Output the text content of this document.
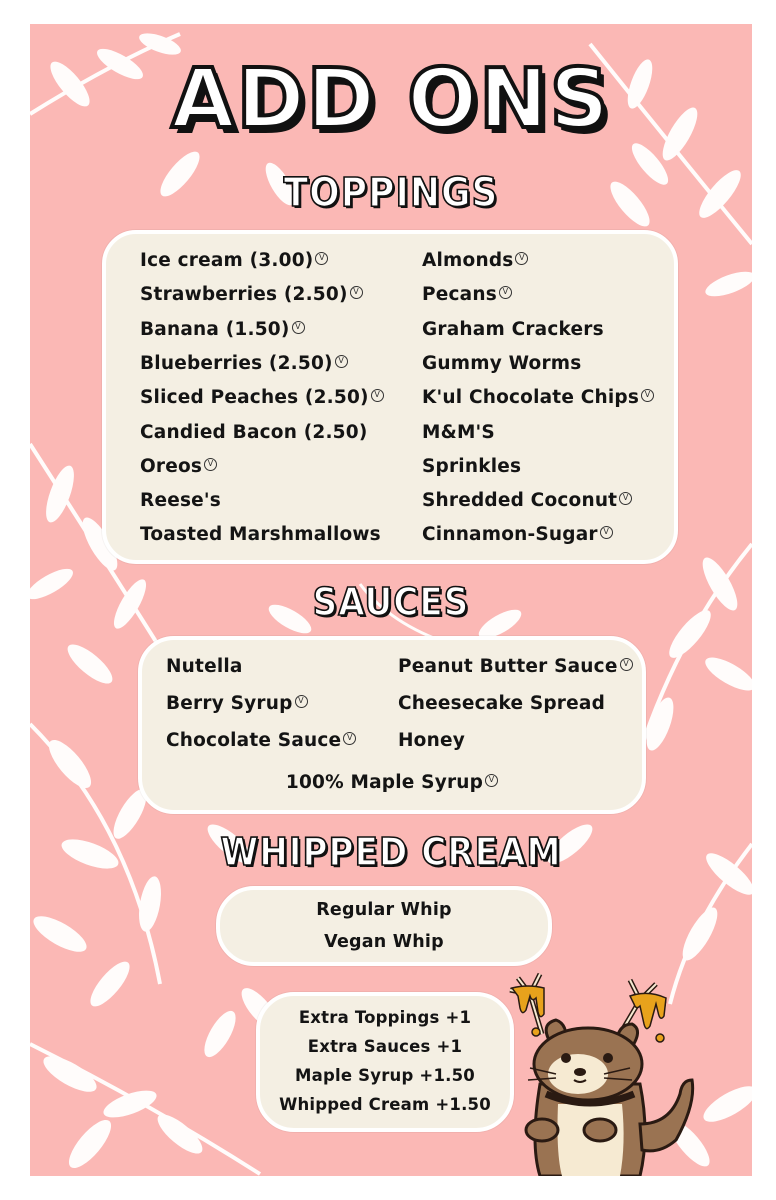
ADD ONS
TOPPINGS
Ice cream (3.00) V
Strawberries (2.50) V
Banana (1.50) V
Blueberries (2.50) V
Sliced Peaches (2.50) V
Candied Bacon (2.50)
Oreos V
Reese's
Toasted Marshmallows
Almonds V
Pecans V
Graham Crackers
Gummy Worms
K'ul Chocolate Chips V
M&M'S
Sprinkles
Shredded Coconut V
Cinnamon-Sugar V
SAUCES
Nutella
Berry Syrup V
Chocolate Sauce V
Peanut Butter Sauce V
Cheesecake Spread
Honey
100% Maple Syrup V
WHIPPED CREAM
Regular Whip
Vegan Whip
Extra Toppings +1
Extra Sauces +1
Maple Syrup +1.50
Whipped Cream +1.50
